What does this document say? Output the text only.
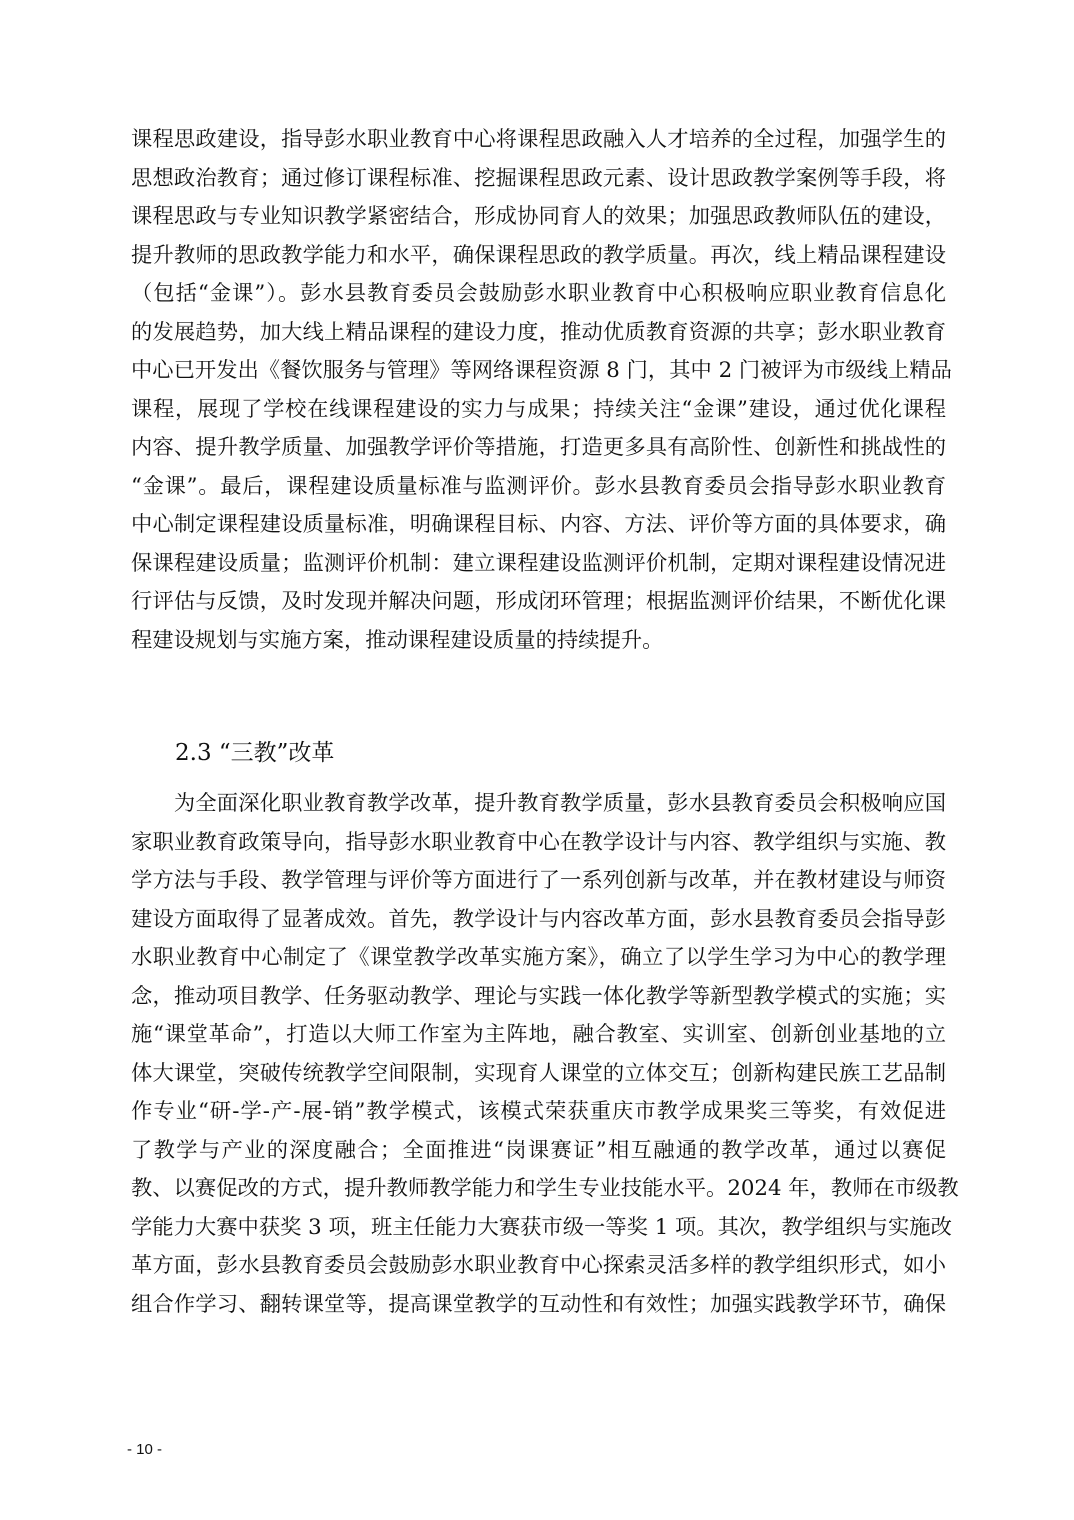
课程思政建设，指导彭水职业教育中心将课程思政融入人才培养的全过程，加强学生的
思想政治教育；通过修订课程标准、挖掘课程思政元素、设计思政教学案例等手段，将
课程思政与专业知识教学紧密结合，形成协同育人的效果；加强思政教师队伍的建设，
提升教师的思政教学能力和水平，确保课程思政的教学质量。再次，线上精品课程建设
（包括“金课”）。彭水县教育委员会鼓励彭水职业教育中心积极响应职业教育信息化
的发展趋势，加大线上精品课程的建设力度，推动优质教育资源的共享；彭水职业教育
中心已开发出《餐饮服务与管理》等网络课程资源 8 门，其中 2 门被评为市级线上精品
课程，展现了学校在线课程建设的实力与成果；持续关注“金课”建设，通过优化课程
内容、提升教学质量、加强教学评价等措施，打造更多具有高阶性、创新性和挑战性的
“金课”。最后，课程建设质量标准与监测评价。彭水县教育委员会指导彭水职业教育
中心制定课程建设质量标准，明确课程目标、内容、方法、评价等方面的具体要求，确
保课程建设质量；监测评价机制：建立课程建设监测评价机制，定期对课程建设情况进
行评估与反馈，及时发现并解决问题，形成闭环管理；根据监测评价结果，不断优化课
程建设规划与实施方案，推动课程建设质量的持续提升。
2.3 “三教”改革
　　为全面深化职业教育教学改革，提升教育教学质量，彭水县教育委员会积极响应国
家职业教育政策导向，指导彭水职业教育中心在教学设计与内容、教学组织与实施、教
学方法与手段、教学管理与评价等方面进行了一系列创新与改革，并在教材建设与师资
建设方面取得了显著成效。首先，教学设计与内容改革方面，彭水县教育委员会指导彭
水职业教育中心制定了《课堂教学改革实施方案》，确立了以学生学习为中心的教学理
念，推动项目教学、任务驱动教学、理论与实践一体化教学等新型教学模式的实施；实
施“课堂革命”，打造以大师工作室为主阵地，融合教室、实训室、创新创业基地的立
体大课堂，突破传统教学空间限制，实现育人课堂的立体交互；创新构建民族工艺品制
作专业“研-学-产-展-销”教学模式，该模式荣获重庆市教学成果奖三等奖，有效促进
了教学与产业的深度融合；全面推进“岗课赛证”相互融通的教学改革，通过以赛促
教、以赛促改的方式，提升教师教学能力和学生专业技能水平。2024 年，教师在市级教
学能力大赛中获奖 3 项，班主任能力大赛获市级一等奖 1 项。其次，教学组织与实施改
革方面，彭水县教育委员会鼓励彭水职业教育中心探索灵活多样的教学组织形式，如小
组合作学习、翻转课堂等，提高课堂教学的互动性和有效性；加强实践教学环节，确保
- 10 -
